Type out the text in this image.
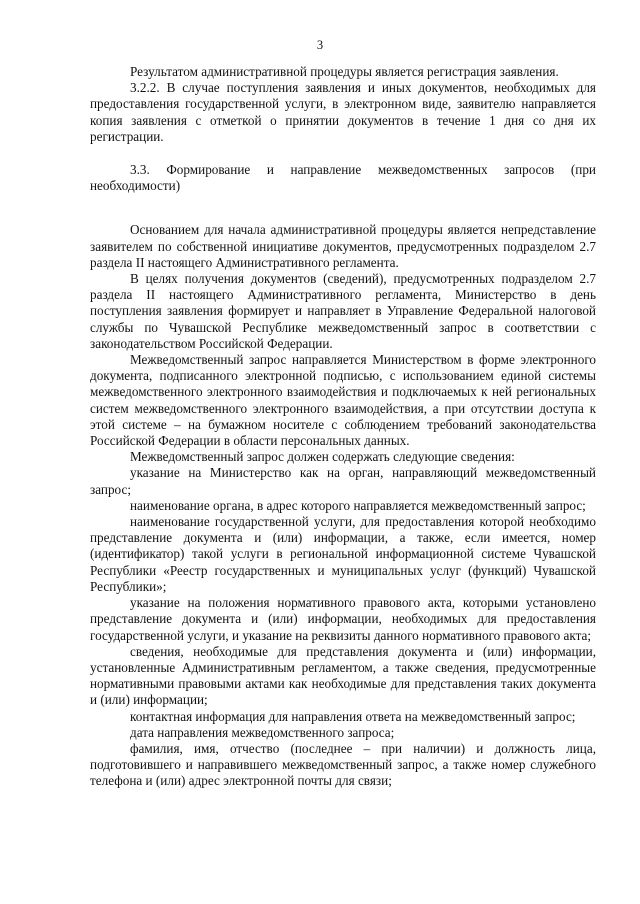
3

Результатом административной процедуры является регистрация заявления.

3.2.2. В случае поступления заявления и иных документов, необходимых для предоставления государственной услуги, в электронном виде, заявителю направляется копия заявления с отметкой о принятии документов в течение 1 дня со дня их регистрации.

3.3. Формирование и направление межведомственных запросов (при необходимости)

Основанием для начала административной процедуры является непредставление заявителем по собственной инициативе документов, предусмотренных подразделом 2.7 раздела II настоящего Административного регламента.

В целях получения документов (сведений), предусмотренных подразделом 2.7 раздела II настоящего Административного регламента, Министерство в день поступления заявления формирует и направляет в Управление Федеральной налоговой службы по Чувашской Республике межведомственный запрос в соответствии с законодательством Российской Федерации.

Межведомственный запрос направляется Министерством в форме электронного документа, подписанного электронной подписью, с использованием единой системы межведомственного электронного взаимодействия и подключаемых к ней региональных систем межведомственного электронного взаимодействия, а при отсутствии доступа к этой системе – на бумажном носителе с соблюдением требований законодательства Российской Федерации в области персональных данных.

Межведомственный запрос должен содержать следующие сведения:

указание на Министерство как на орган, направляющий межведомственный запрос;

наименование органа, в адрес которого направляется межведомственный запрос;

наименование государственной услуги, для предоставления которой необходимо представление документа и (или) информации, а также, если имеется, номер (идентификатор) такой услуги в региональной информационной системе Чувашской Республики «Реестр государственных и муниципальных услуг (функций) Чувашской Республики»;

указание на положения нормативного правового акта, которыми установлено представление документа и (или) информации, необходимых для предоставления государственной услуги, и указание на реквизиты данного нормативного правового акта;

сведения, необходимые для представления документа и (или) информации, установленные Административным регламентом, а также сведения, предусмотренные нормативными правовыми актами как необходимые для представления таких документа и (или) информации;

контактная информация для направления ответа на межведомственный запрос;

дата направления межведомственного запроса;

фамилия, имя, отчество (последнее – при наличии) и должность лица, подготовившего и направившего межведомственный запрос, а также номер служебного телефона и (или) адрес электронной почты для связи;
